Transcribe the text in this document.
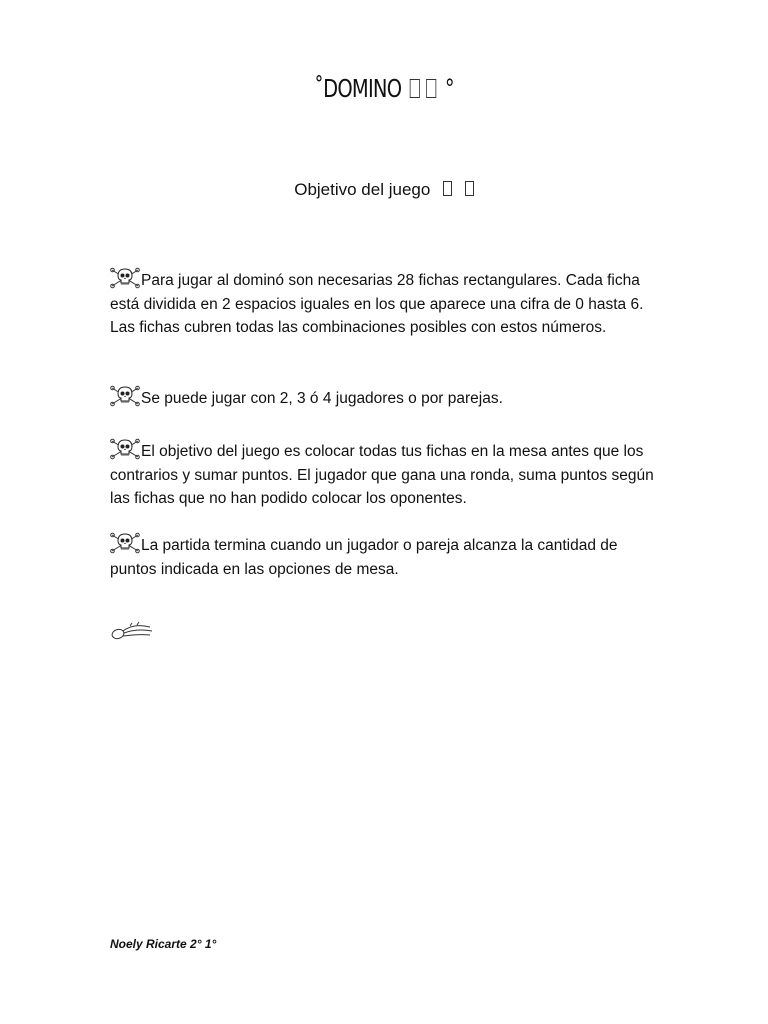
˚DOMINO °
Objetivo del juego

Para jugar al dominó son necesarias 28 fichas rectangulares. Cada ficha está dividida en 2 espacios iguales en los que aparece una cifra de 0 hasta 6. Las fichas cubren todas las combinaciones posibles con estos números.

Se puede jugar con 2, 3 ó 4 jugadores o por parejas.

El objetivo del juego es colocar todas tus fichas en la mesa antes que los contrarios y sumar puntos. El jugador que gana una ronda, suma puntos según las fichas que no han podido colocar los oponentes.

La partida termina cuando un jugador o pareja alcanza la cantidad de puntos indicada en las opciones de mesa.

Noely Ricarte 2° 1°
